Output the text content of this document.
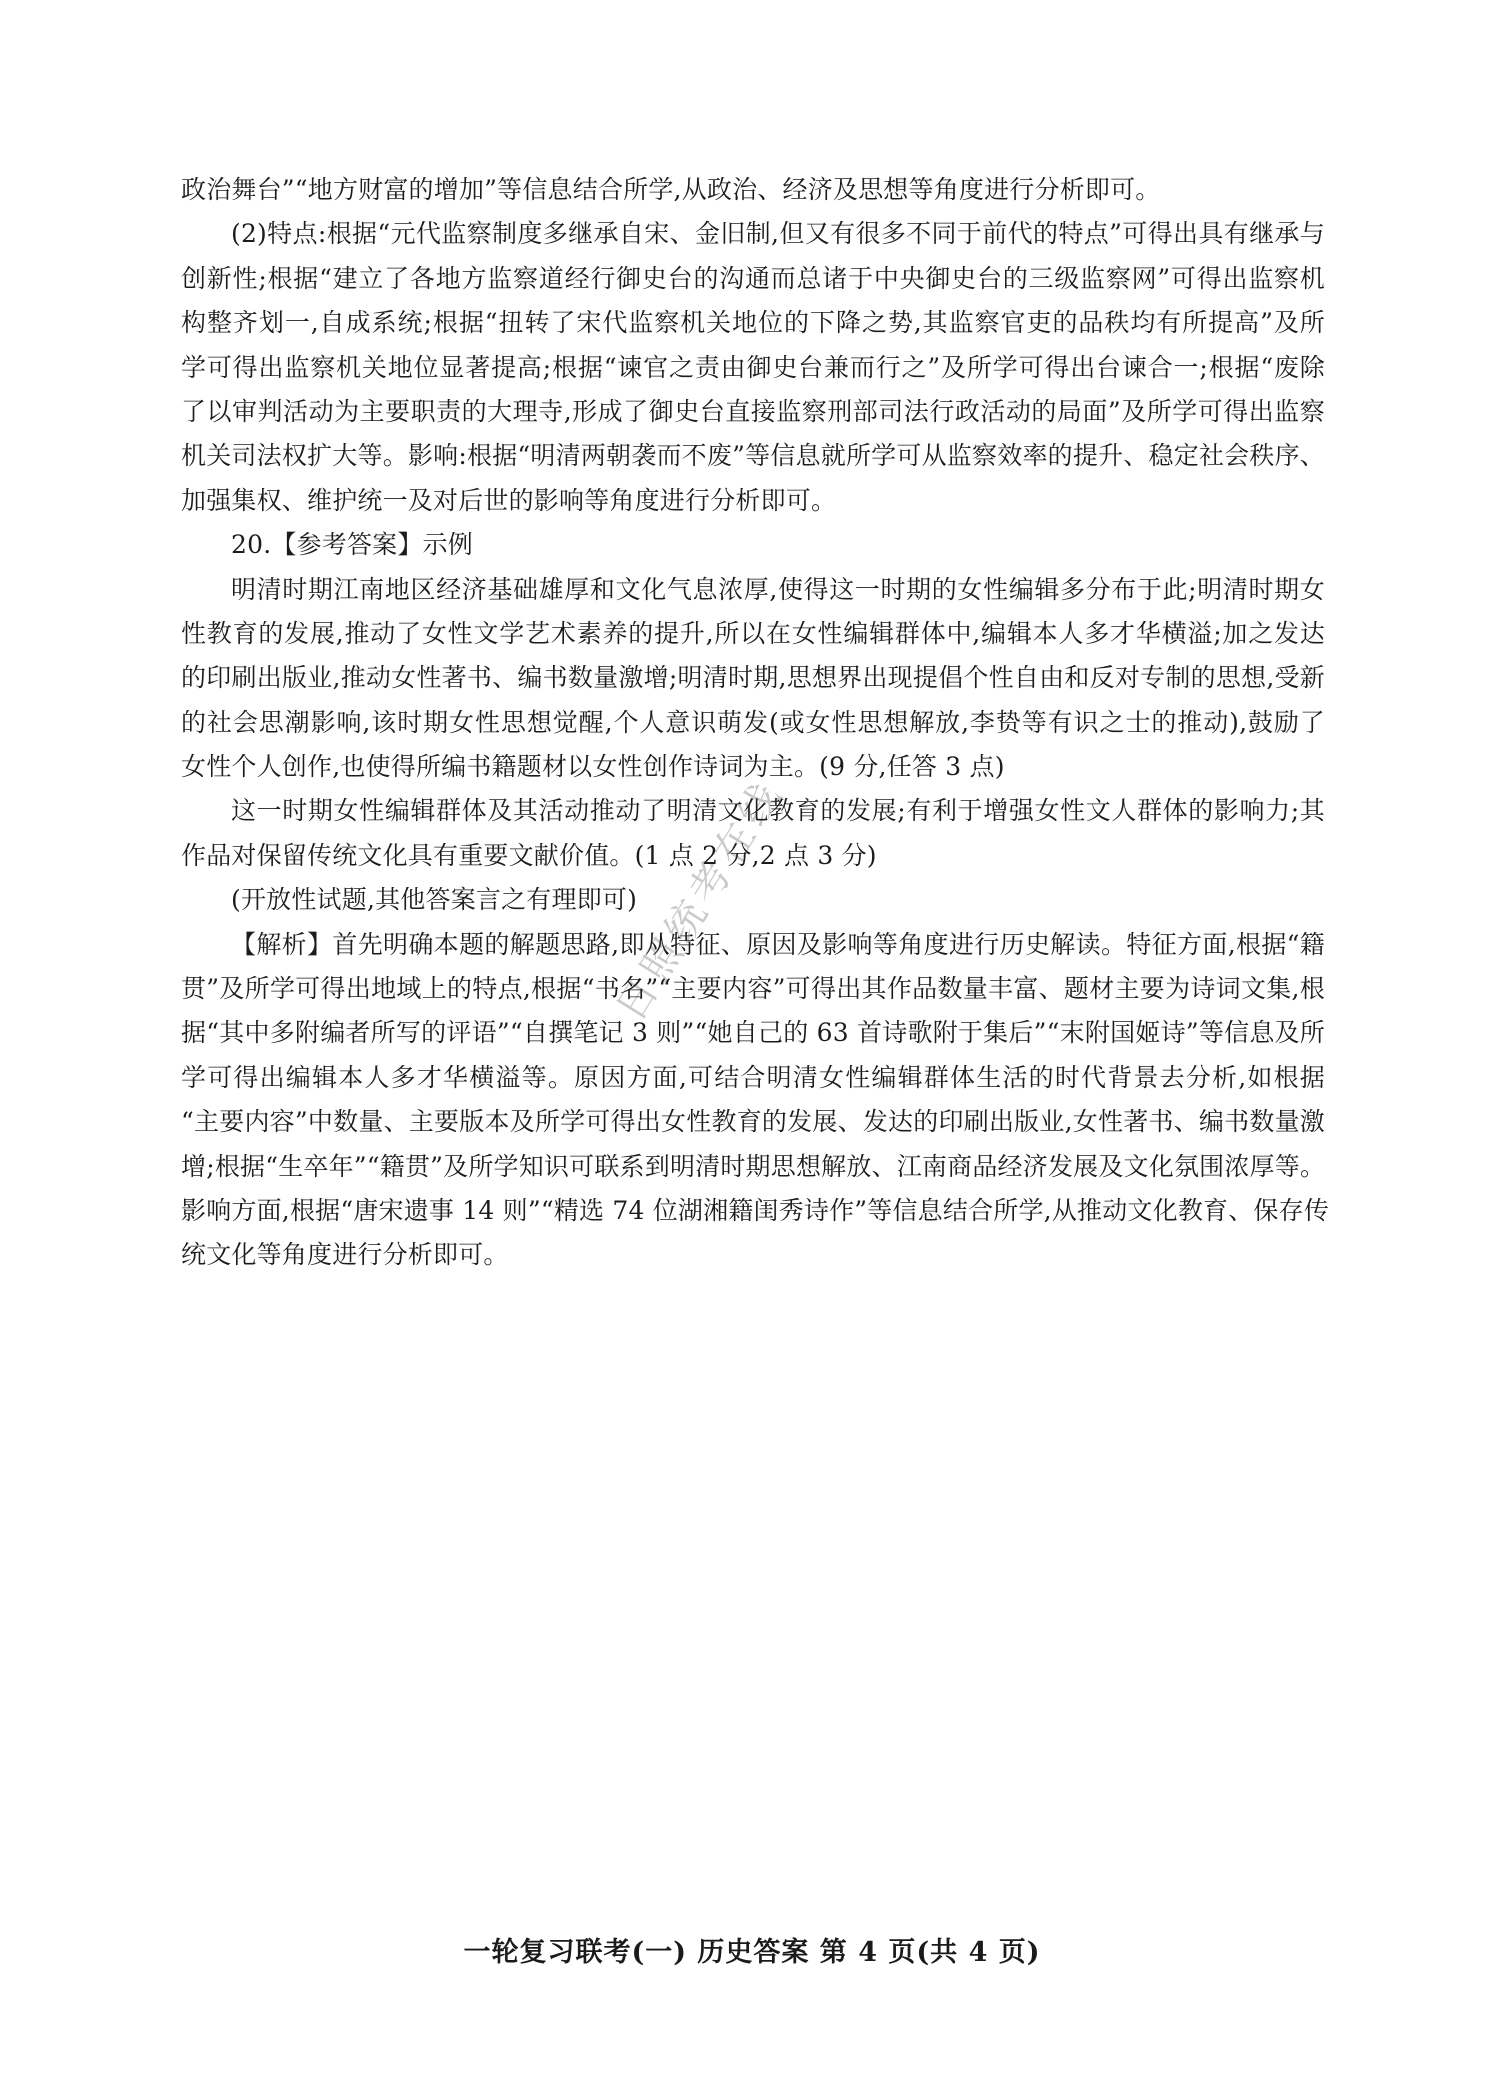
政治舞台”“地方财富的增加”等信息结合所学,从政治、经济及思想等角度进行分析即可。
(2)特点:根据“元代监察制度多继承自宋、金旧制,但又有很多不同于前代的特点”可得出具有继承与
创新性;根据“建立了各地方监察道经行御史台的沟通而总诸于中央御史台的三级监察网”可得出监察机
构整齐划一,自成系统;根据“扭转了宋代监察机关地位的下降之势,其监察官吏的品秩均有所提高”及所
学可得出监察机关地位显著提高;根据“谏官之责由御史台兼而行之”及所学可得出台谏合一;根据“废除
了以审判活动为主要职责的大理寺,形成了御史台直接监察刑部司法行政活动的局面”及所学可得出监察
机关司法权扩大等。影响:根据“明清两朝袭而不废”等信息就所学可从监察效率的提升、稳定社会秩序、
加强集权、维护统一及对后世的影响等角度进行分析即可。
20.【参考答案】示例
明清时期江南地区经济基础雄厚和文化气息浓厚,使得这一时期的女性编辑多分布于此;明清时期女
性教育的发展,推动了女性文学艺术素养的提升,所以在女性编辑群体中,编辑本人多才华横溢;加之发达
的印刷出版业,推动女性著书、编书数量激增;明清时期,思想界出现提倡个性自由和反对专制的思想,受新
的社会思潮影响,该时期女性思想觉醒,个人意识萌发(或女性思想解放,李贽等有识之士的推动),鼓励了
女性个人创作,也使得所编书籍题材以女性创作诗词为主。(9 分,任答 3 点)
这一时期女性编辑群体及其活动推动了明清文化教育的发展;有利于增强女性文人群体的影响力;其
作品对保留传统文化具有重要文献价值。(1 点 2 分,2 点 3 分)
(开放性试题,其他答案言之有理即可)
【解析】首先明确本题的解题思路,即从特征、原因及影响等角度进行历史解读。特征方面,根据“籍
贯”及所学可得出地域上的特点,根据“书名”“主要内容”可得出其作品数量丰富、题材主要为诗词文集,根
据“其中多附编者所写的评语”“自撰笔记 3 则”“她自己的 63 首诗歌附于集后”“末附国姬诗”等信息及所
学可得出编辑本人多才华横溢等。原因方面,可结合明清女性编辑群体生活的时代背景去分析,如根据
“主要内容”中数量、主要版本及所学可得出女性教育的发展、发达的印刷出版业,女性著书、编书数量激
增;根据“生卒年”“籍贯”及所学知识可联系到明清时期思想解放、江南商品经济发展及文化氛围浓厚等。
影响方面,根据“唐宋遗事 14 则”“精选 74 位湖湘籍闺秀诗作”等信息结合所学,从推动文化教育、保存传
统文化等角度进行分析即可。
日照统考在线
一轮复习联考(一) 历史答案 第 4 页(共 4 页)
